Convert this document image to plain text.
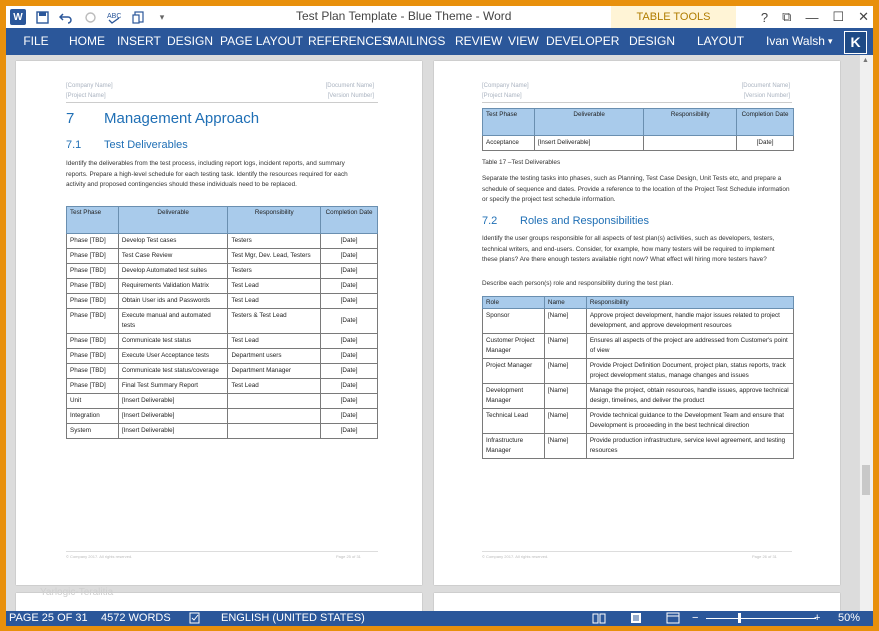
W	ABC	▾	Test Plan Template - Blue Theme - Word	TABLE TOOLS	? ⧉ — ☐ ✕
FILE	HOME	INSERT DESIGN PAGE LAYOUT REFERENCES
MAILINGS REVIEW VIEW DEVELOPER DESIGN	LAYOUT	Ivan Walsh ▾	K
[Company Name]
[Project Name]
[Document Name]
[Version Number]
7 Management Approach
7.1 Test Deliverables
Identify the deliverables from the test process, including report logs, incident reports, and summary reports. Prepare a high-level schedule for each testing task. Identify the resources required for each activity and proposed contingencies should these individuals need to be replaced.
Test Phase	Deliverable	Responsibility	Completion Date
Phase [TBD]	Develop Test cases	Testers	[Date]
Phase [TBD]	Test Case Review	Test Mgr, Dev. Lead, Testers	[Date]
Phase [TBD]	Develop Automated test suites	Testers	[Date]
Phase [TBD]	Requirements Validation Matrix	Test Lead	[Date]
Phase [TBD]	Obtain User ids and Passwords	Test Lead	[Date]
Phase [TBD]	Execute manual and automated tests	Testers & Test Lead	[Date]
Phase [TBD]	Communicate test status	Test Lead	[Date]
Phase [TBD]	Execute User Acceptance tests	Department users	[Date]
Phase [TBD]	Communicate test status/coverage	Department Manager	[Date]
Phase [TBD]	Final Test Summary Report	Test Lead	[Date]
Unit	[Insert Deliverable]		[Date]
Integration	[Insert Deliverable]		[Date]
System	[Insert Deliverable]		[Date]
© Company 2017. All rights reserved.	Page 25 of 31
[Company Name]
[Project Name]
[Document Name]
[Version Number]
Test Phase	Deliverable	Responsibility	Completion Date
Acceptance	[Insert Deliverable]		[Date]
Table 17 –Test Deliverables
Separate the testing tasks into phases, such as Planning, Test Case Design, Unit Tests etc, and prepare a schedule of sequence and dates. Provide a reference to the location of the Project Test Schedule information or specify the project test schedule information.
7.2 Roles and Responsibilities
Identify the user groups responsible for all aspects of test plan(s) activities, such as developers, testers, technical writers, and end-users. Consider, for example, how many testers will be required to implement these plans? Are there enough testers available right now? What effect will hiring more testers have?
Describe each person(s) role and responsibility during the test plan.
Role	Name	Responsibility
Sponsor	[Name]	Approve project development, handle major issues related to project development, and approve development resources
Customer Project Manager	[Name]	Ensures all aspects of the project are addressed from Customer's point of view
Project Manager	[Name]	Provide Project Definition Document, project plan, status reports, track project development status, manage changes and issues
Development Manager	[Name]	Manage the project, obtain resources, handle issues, approve technical design, timelines, and deliver the product
Technical Lead	[Name]	Provide technical guidance to the Development Team and ensure that Development is proceeding in the best technical direction
Infrastructure Manager	[Name]	Provide production infrastructure, service level agreement, and testing resources
© Company 2017. All rights reserved.	Page 26 of 31
Yarlogic-Teralitia
▲
PAGE 25 OF 31 4572 WORDS	ENGLISH (UNITED STATES)	−	+ 50%
